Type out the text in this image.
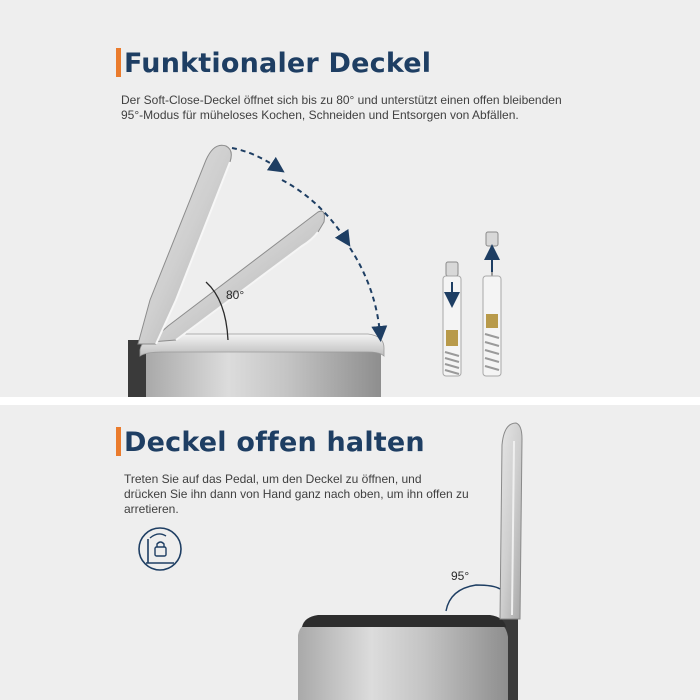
Funktionaler Deckel
Der Soft-Close-Deckel öffnet sich bis zu 80° und unterstützt einen offen bleibenden
95°-Modus für müheloses Kochen, Schneiden und Entsorgen von Abfällen.
80°
Deckel offen halten
Treten Sie auf das Pedal, um den Deckel zu öffnen, und
drücken Sie ihn dann von Hand ganz nach oben, um ihn offen zu
arretieren.
95°
